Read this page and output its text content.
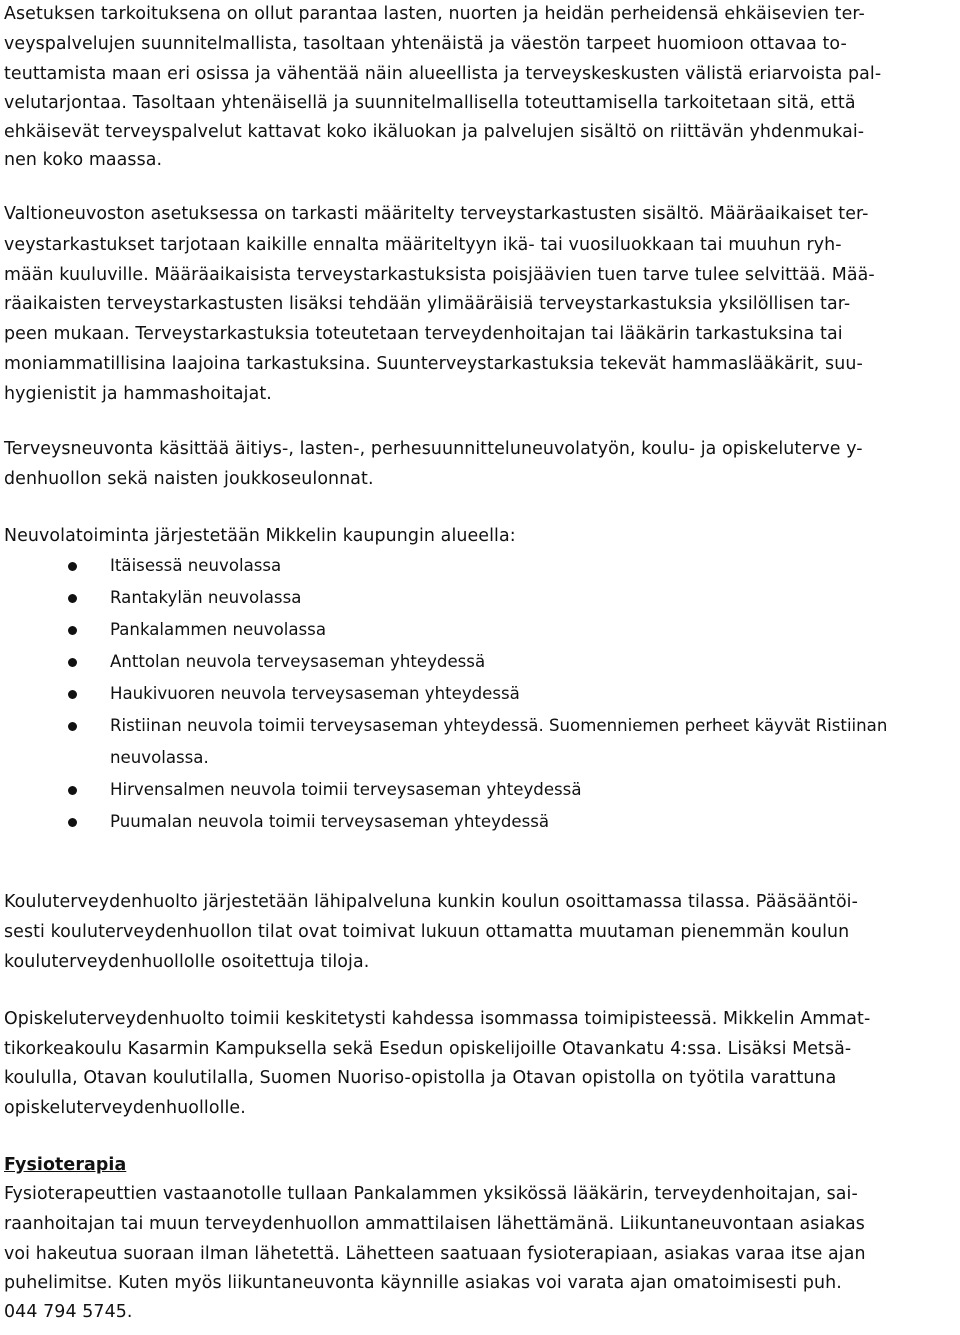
Asetuksen tarkoituksena on ollut parantaa lasten, nuorten ja heidän perheidensä ehkäisevien ter-
veyspalvelujen suunnitelmallista, tasoltaan yhtenäistä ja väestön tarpeet huomioon ottavaa to-
teuttamista maan eri osissa ja vähentää näin alueellista ja terveyskeskusten välistä eriarvoista pal-
velutarjontaa. Tasoltaan yhtenäisellä ja suunnitelmallisella toteuttamisella tarkoitetaan sitä, että
ehkäisevät terveyspalvelut kattavat koko ikäluokan ja palvelujen sisältö on riittävän yhdenmukai-
nen koko maassa.
Valtioneuvoston asetuksessa on tarkasti määritelty terveystarkastusten sisältö. Määräaikaiset ter-
veystarkastukset tarjotaan kaikille ennalta määriteltyyn ikä- tai vuosiluokkaan tai muuhun ryh-
mään kuuluville. Määräaikaisista terveystarkastuksista poisjäävien tuen tarve tulee selvittää. Mää-
räaikaisten terveystarkastusten lisäksi tehdään ylimääräisiä terveystarkastuksia yksilöllisen tar-
peen mukaan. Terveystarkastuksia toteutetaan terveydenhoitajan tai lääkärin tarkastuksina tai
moniammatillisina laajoina tarkastuksina. Suunterveystarkastuksia tekevät hammaslääkärit, suu-
hygienistit ja hammashoitajat.
Terveysneuvonta käsittää äitiys-, lasten-, perhesuunnitteluneuvolatyön, koulu- ja opiskeluterve y-
denhuollon sekä naisten joukkoseulonnat.
Neuvolatoiminta järjestetään Mikkelin kaupungin alueella:
Itäisessä neuvolassa
Rantakylän neuvolassa
Pankalammen neuvolassa
Anttolan neuvola terveysaseman yhteydessä
Haukivuoren neuvola terveysaseman yhteydessä
Ristiinan neuvola toimii terveysaseman yhteydessä. Suomenniemen perheet käyvät Ristiinan
neuvolassa.
Hirvensalmen neuvola toimii terveysaseman yhteydessä
Puumalan neuvola toimii terveysaseman yhteydessä
Kouluterveydenhuolto järjestetään lähipalveluna kunkin koulun osoittamassa tilassa. Pääsääntöi-
sesti kouluterveydenhuollon tilat ovat toimivat lukuun ottamatta muutaman pienemmän koulun
kouluterveydenhuollolle osoitettuja tiloja.
Opiskeluterveydenhuolto toimii keskitetysti kahdessa isommassa toimipisteessä. Mikkelin Ammat-
tikorkeakoulu Kasarmin Kampuksella sekä Esedun opiskelijoille Otavankatu 4:ssa. Lisäksi Metsä-
koululla, Otavan koulutilalla, Suomen Nuoriso-opistolla ja Otavan opistolla on työtila varattuna
opiskeluterveydenhuollolle.
Fysioterapia
Fysioterapeuttien vastaanotolle tullaan Pankalammen yksikössä lääkärin, terveydenhoitajan, sai-
raanhoitajan tai muun terveydenhuollon ammattilaisen lähettämänä. Liikuntaneuvontaan asiakas
voi hakeutua suoraan ilman lähetettä. Lähetteen saatuaan fysioterapiaan, asiakas varaa itse ajan
puhelimitse. Kuten myös liikuntaneuvonta käynnille asiakas voi varata ajan omatoimisesti puh.
044 794 5745.
